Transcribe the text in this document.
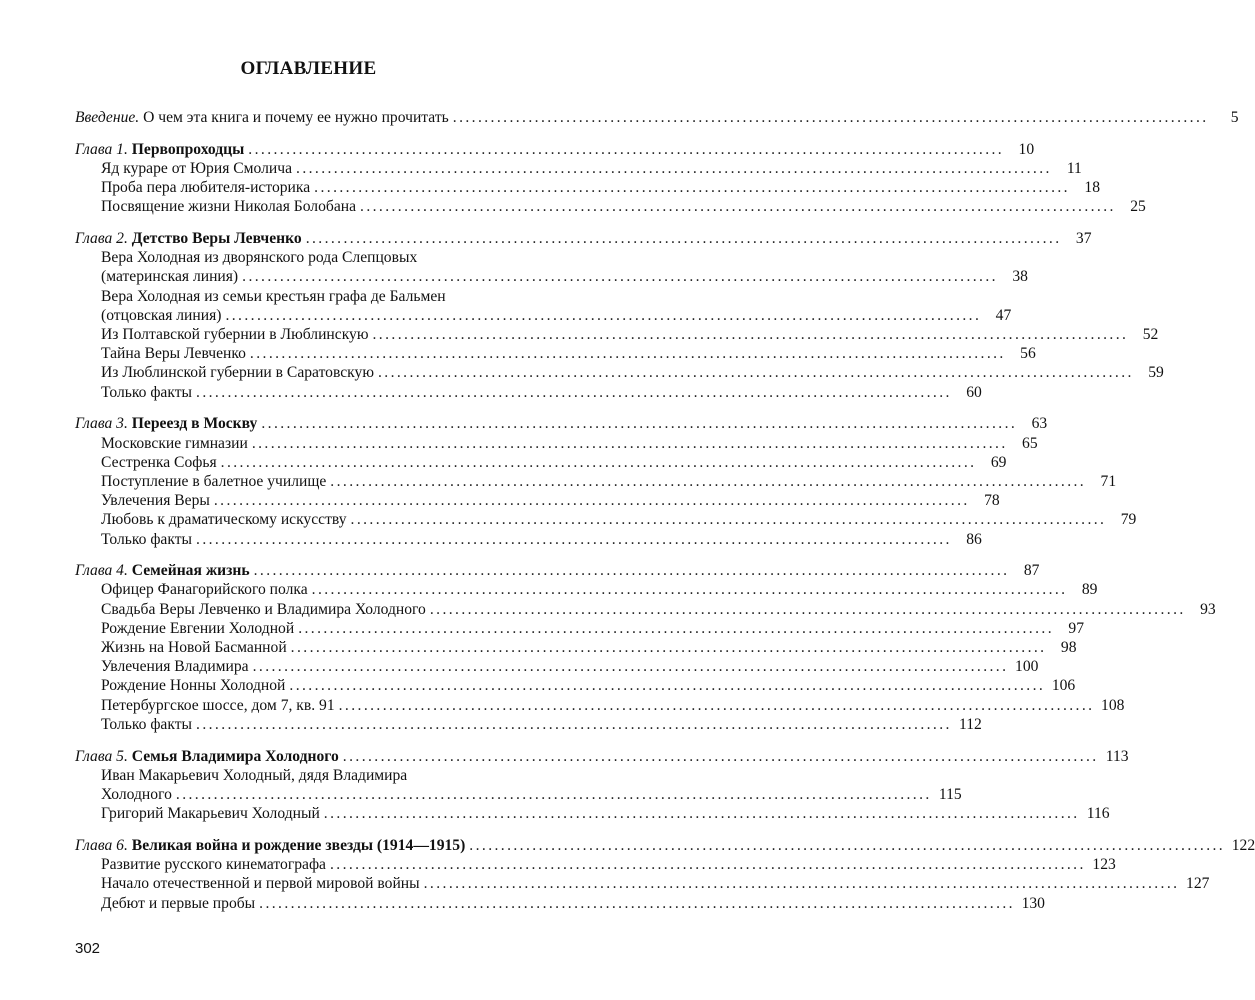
ОГЛАВЛЕНИЕ
Введение. О чем эта книга и почему ее нужно прочитать ........................................................................................................................	5
Глава 1. Первопроходцы ........................................................................................................................ 10
Яд кураре от Юрия Смолича ........................................................................................................................ 11
Проба пера любителя-историка ........................................................................................................................ 18
Посвящение жизни Николая Болобана ........................................................................................................................ 25
Глава 2. Детство Веры Левченко ........................................................................................................................ 37
Вера Холодная из дворянского рода Слепцовых
(материнская линия) ........................................................................................................................ 38
Вера Холодная из семьи крестьян графа де Бальмен
(отцовская линия) ........................................................................................................................ 47
Из Полтавской губернии в Люблинскую ........................................................................................................................ 52
Тайна Веры Левченко ........................................................................................................................ 56
Из Люблинской губернии в Саратовскую ........................................................................................................................ 59
Только факты ........................................................................................................................ 60
Глава 3. Переезд в Москву ........................................................................................................................ 63
Московские гимназии ........................................................................................................................ 65
Сестренка Софья ........................................................................................................................ 69
Поступление в балетное училище ........................................................................................................................ 71
Увлечения Веры ........................................................................................................................ 78
Любовь к драматическому искусству ........................................................................................................................ 79
Только факты ........................................................................................................................ 86
Глава 4. Семейная жизнь ........................................................................................................................ 87
Офицер Фанагорийского полка ........................................................................................................................ 89
Свадьба Веры Левченко и Владимира Холодного ........................................................................................................................ 93
Рождение Евгении Холодной ........................................................................................................................ 97
Жизнь на Новой Басманной ........................................................................................................................ 98
Увлечения Владимира ........................................................................................................................ 100
Рождение Нонны Холодной ........................................................................................................................ 106
Петербургское шоссе, дом 7, кв. 91 ........................................................................................................................ 108
Только факты ........................................................................................................................ 112
Глава 5. Семья Владимира Холодного ........................................................................................................................ 113
Иван Макарьевич Холодный, дядя Владимира
Холодного ........................................................................................................................ 115
Григорий Макарьевич Холодный ........................................................................................................................ 116
Глава 6. Великая война и рождение звезды (1914—1915) ........................................................................................................................ 122
Развитие русского кинематографа ........................................................................................................................ 123
Начало отечественной и первой мировой войны ........................................................................................................................ 127
Дебют и первые пробы ........................................................................................................................ 130
302
